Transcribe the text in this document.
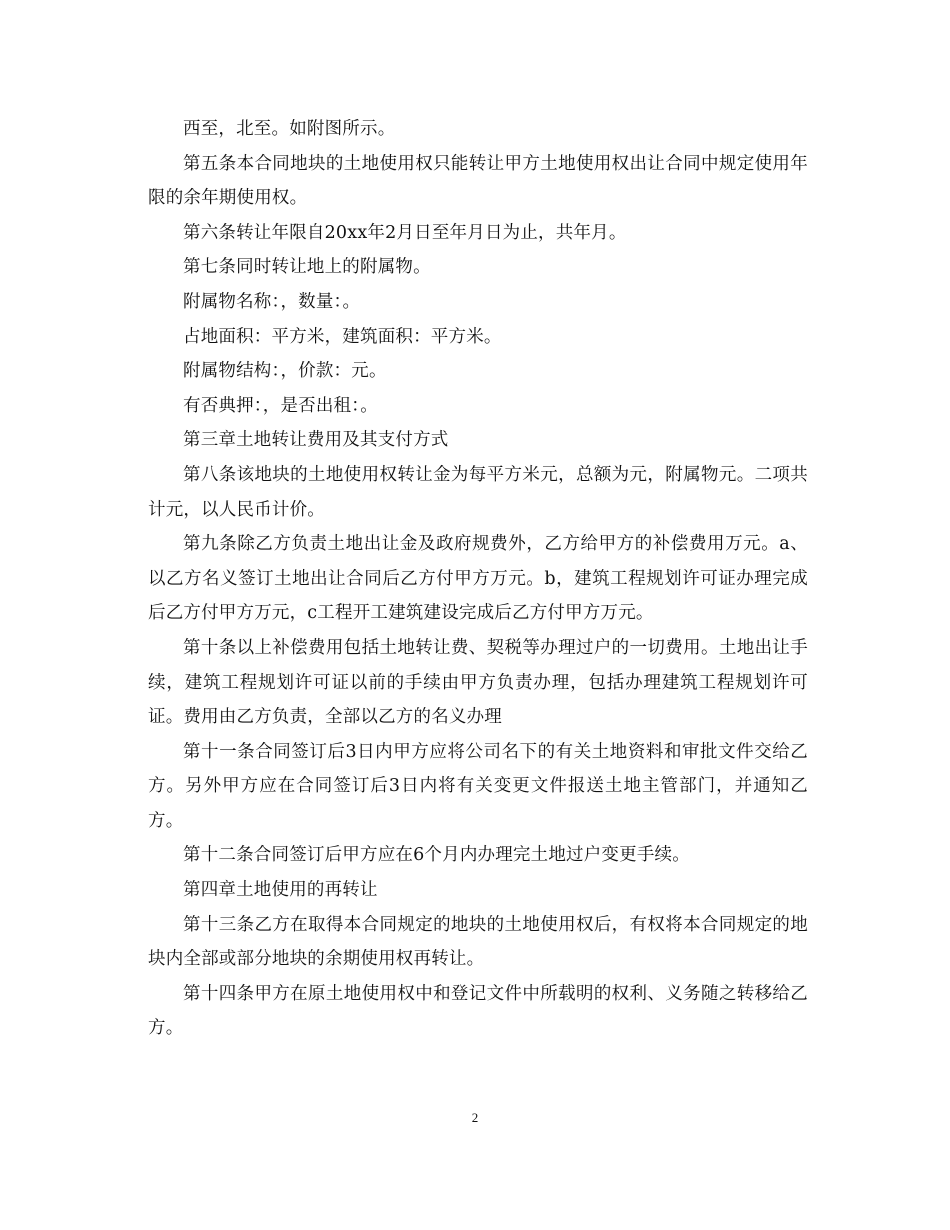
西至，北至。如附图所示。

第五条本合同地块的土地使用权只能转让甲方土地使用权出让合同中规定使用年限的余年期使用权。

第六条转让年限自20xx年2月日至年月日为止，共年月。

第七条同时转让地上的附属物。

附属物名称：，数量：。

占地面积：平方米，建筑面积：平方米。

附属物结构：，价款：元。

有否典押：，是否出租：。

第三章土地转让费用及其支付方式

第八条该地块的土地使用权转让金为每平方米元，总额为元，附属物元。二项共计元，以人民币计价。

第九条除乙方负责土地出让金及政府规费外，乙方给甲方的补偿费用万元。a、以乙方名义签订土地出让合同后乙方付甲方万元。b，建筑工程规划许可证办理完成后乙方付甲方万元，c工程开工建筑建设完成后乙方付甲方万元。

第十条以上补偿费用包括土地转让费、契税等办理过户的一切费用。土地出让手续，建筑工程规划许可证以前的手续由甲方负责办理，包括办理建筑工程规划许可证。费用由乙方负责，全部以乙方的名义办理

第十一条合同签订后3日内甲方应将公司名下的有关土地资料和审批文件交给乙方。另外甲方应在合同签订后3日内将有关变更文件报送土地主管部门，并通知乙方。

第十二条合同签订后甲方应在6个月内办理完土地过户变更手续。

第四章土地使用的再转让

第十三条乙方在取得本合同规定的地块的土地使用权后，有权将本合同规定的地块内全部或部分地块的余期使用权再转让。

第十四条甲方在原土地使用权中和登记文件中所载明的权利、义务随之转移给乙方。

2
